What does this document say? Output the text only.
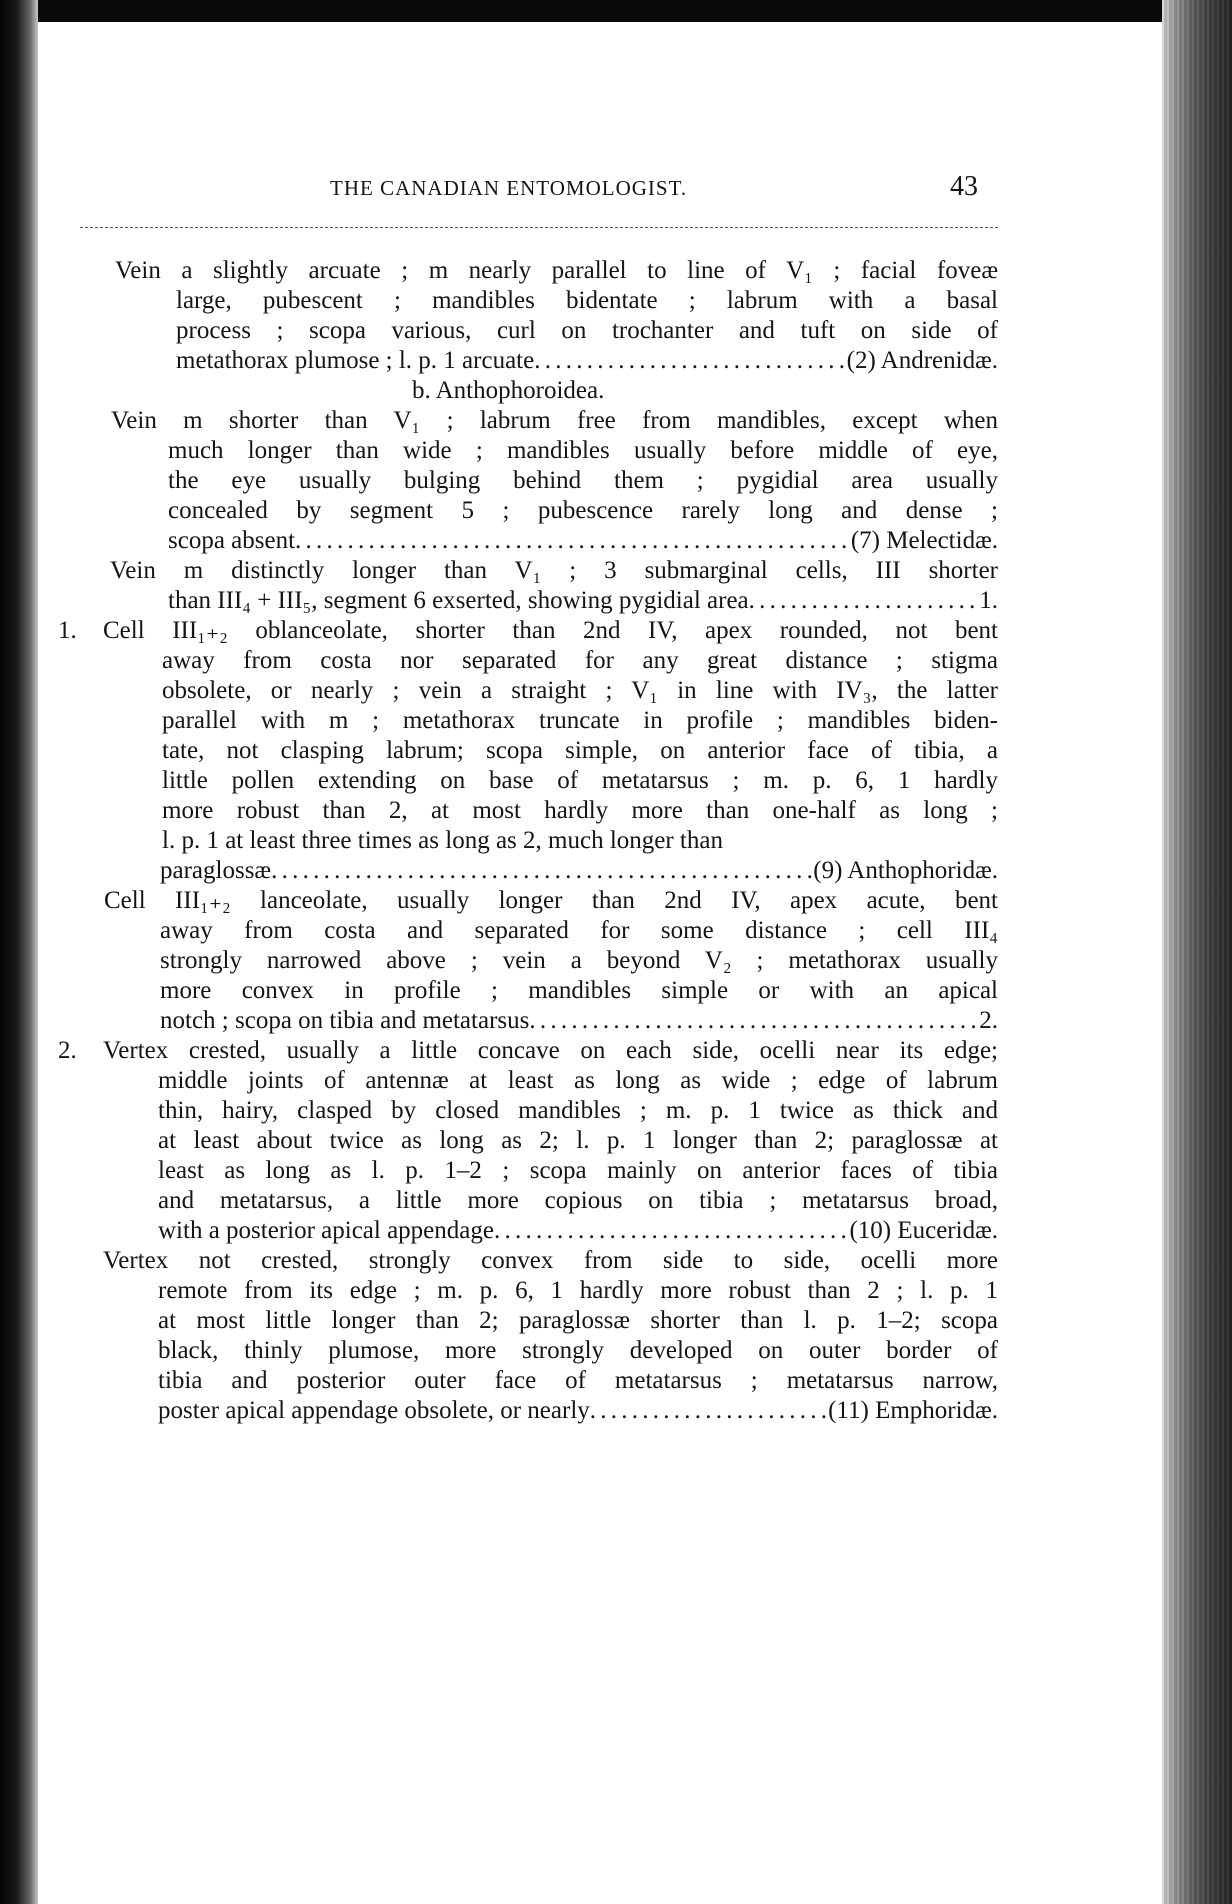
THE CANADIAN ENTOMOLOGIST.	43
Vein a slightly arcuate ; m nearly parallel to line of V₁ ; facial foveæ
large, pubescent ; mandibles bidentate ; labrum with a basal
process ; scopa various, curl on trochanter and tuft on side of
metathorax plumose ; l. p. 1 arcuate . . .	(2) Andrenidæ.
b. Anthophoroidea.
Vein m shorter than V₁ ; labrum free from mandibles, except when
much longer than wide ; mandibles usually before middle of eye,
the eye usually bulging behind them ; pygidial area usually
concealed by segment 5 ; pubescence rarely long and dense ;
scopa absent . . .	(7) Melectidæ.
Vein m distinctly longer than V₁ ; 3 submarginal cells, III shorter
than III₄ + III₅, segment 6 exserted, showing pygidial area . . .	1.
1. Cell III₁₊₂ oblanceolate, shorter than 2nd IV, apex rounded, not bent
away from costa nor separated for any great distance ; stigma
obsolete, or nearly ; vein a straight ; V₁ in line with IV₃, the latter
parallel with m ; metathorax truncate in profile ; mandibles biden-
tate, not clasping labrum; scopa simple, on anterior face of tibia, a
little pollen extending on base of metatarsus ; m. p. 6, 1 hardly
more robust than 2, at most hardly more than one-half as long ;
l. p. 1 at least three times as long as 2, much longer than
paraglossæ . . .	(9) Anthophoridæ.
Cell III₁₊₂ lanceolate, usually longer than 2nd IV, apex acute, bent
away from costa and separated for some distance ; cell III₄
strongly narrowed above ; vein a beyond V₂ ; metathorax usually
more convex in profile ; mandibles simple or with an apical
notch ; scopa on tibia and metatarsus . . .	2.
2. Vertex crested, usually a little concave on each side, ocelli near its edge;
middle joints of antennæ at least as long as wide ; edge of labrum
thin, hairy, clasped by closed mandibles ; m. p. 1 twice as thick and
at least about twice as long as 2; l. p. 1 longer than 2; paraglossæ at
least as long as l. p. 1–2 ; scopa mainly on anterior faces of tibia
and metatarsus, a little more copious on tibia ; metatarsus broad,
with a posterior apical appendage . . .	(10) Euceridæ.
Vertex not crested, strongly convex from side to side, ocelli more
remote from its edge ; m. p. 6, 1 hardly more robust than 2 ; l. p. 1
at most little longer than 2; paraglossæ shorter than l. p. 1–2; scopa
black, thinly plumose, more strongly developed on outer border of
tibia and posterior outer face of metatarsus ; metatarsus narrow,
poster apical appendage obsolete, or nearly . . .	(11) Emphoridæ.
